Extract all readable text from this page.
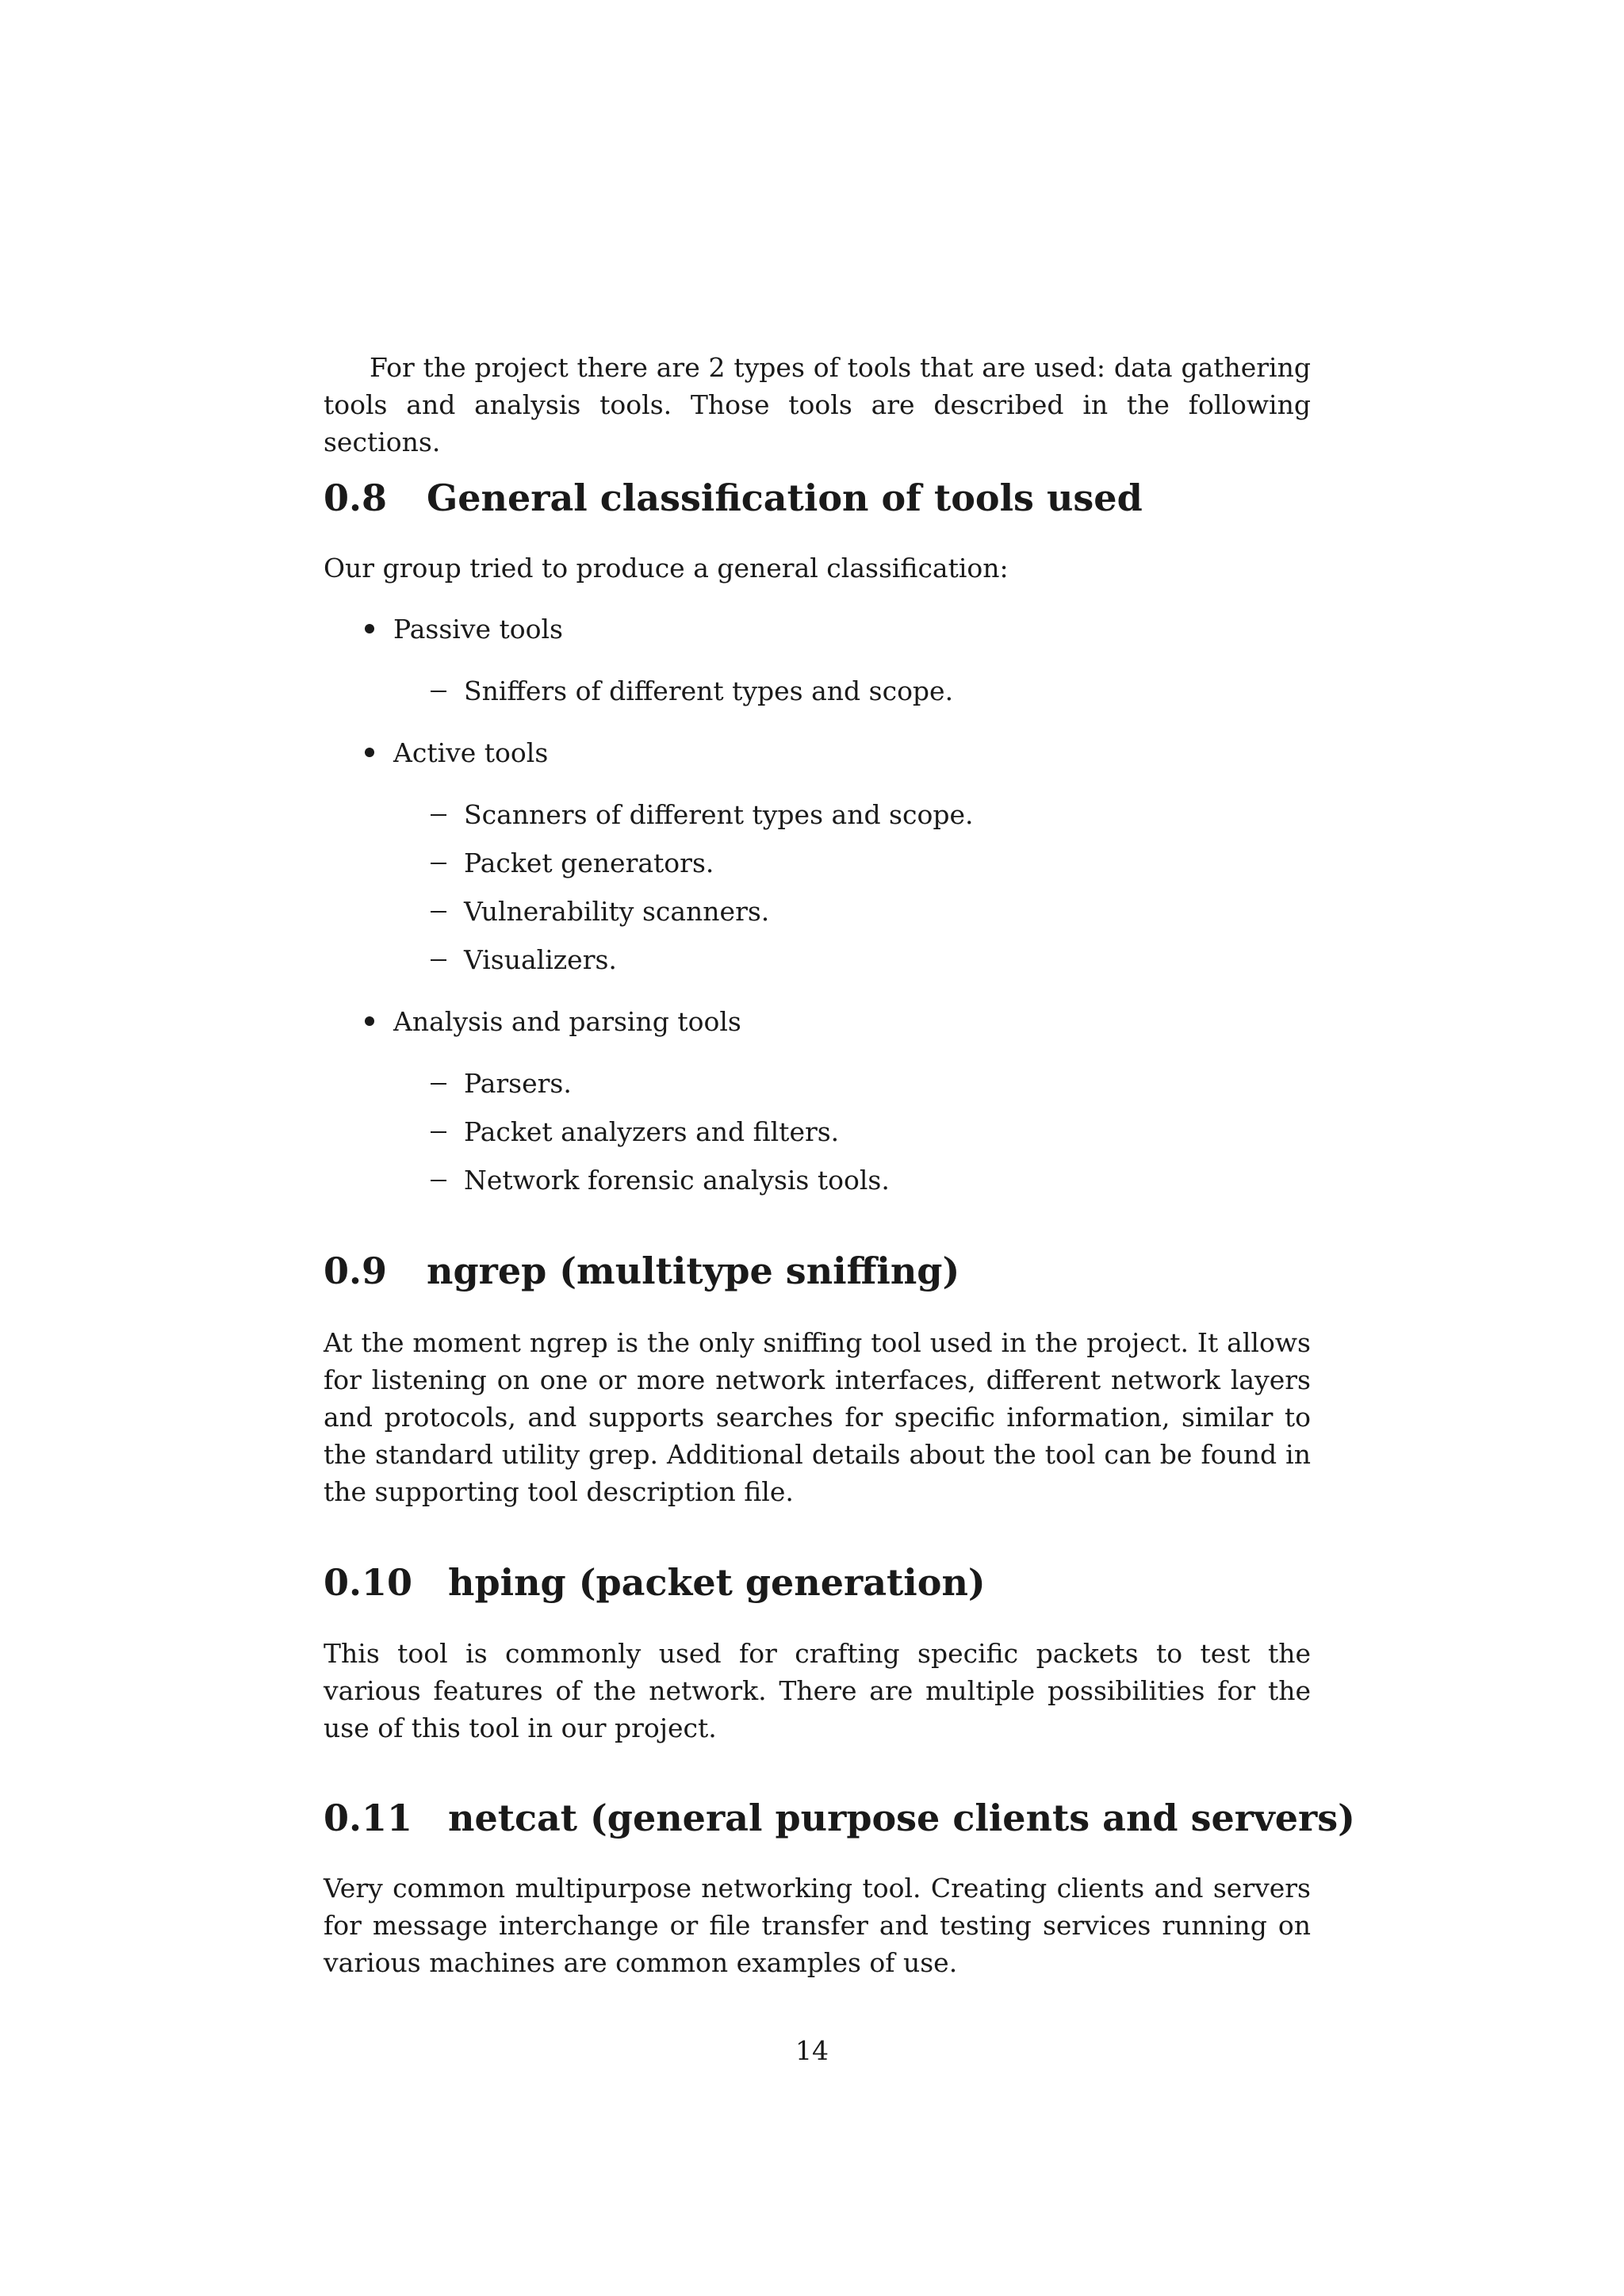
For the project there are 2 types of tools that are used: data gathering tools and analysis tools. Those tools are described in the following sections.

0.8 General classification of tools used

Our group tried to produce a general classification:

Passive tools
Sniffers of different types and scope.
Active tools
Scanners of different types and scope.
Packet generators.
Vulnerability scanners.
Visualizers.
Analysis and parsing tools
Parsers.
Packet analyzers and filters.
Network forensic analysis tools.
0.9 ngrep (multitype sniffing)

At the moment ngrep is the only sniffing tool used in the project. It allows for listening on one or more network interfaces, different network layers and protocols, and supports searches for specific information, similar to the standard utility grep. Additional details about the tool can be found in the supporting tool description file.

0.10 hping (packet generation)

This tool is commonly used for crafting specific packets to test the various features of the network. There are multiple possibilities for the use of this tool in our project.

0.11 netcat (general purpose clients and servers)

Very common multipurpose networking tool. Creating clients and servers for message interchange or file transfer and testing services running on various machines are common examples of use.

14
